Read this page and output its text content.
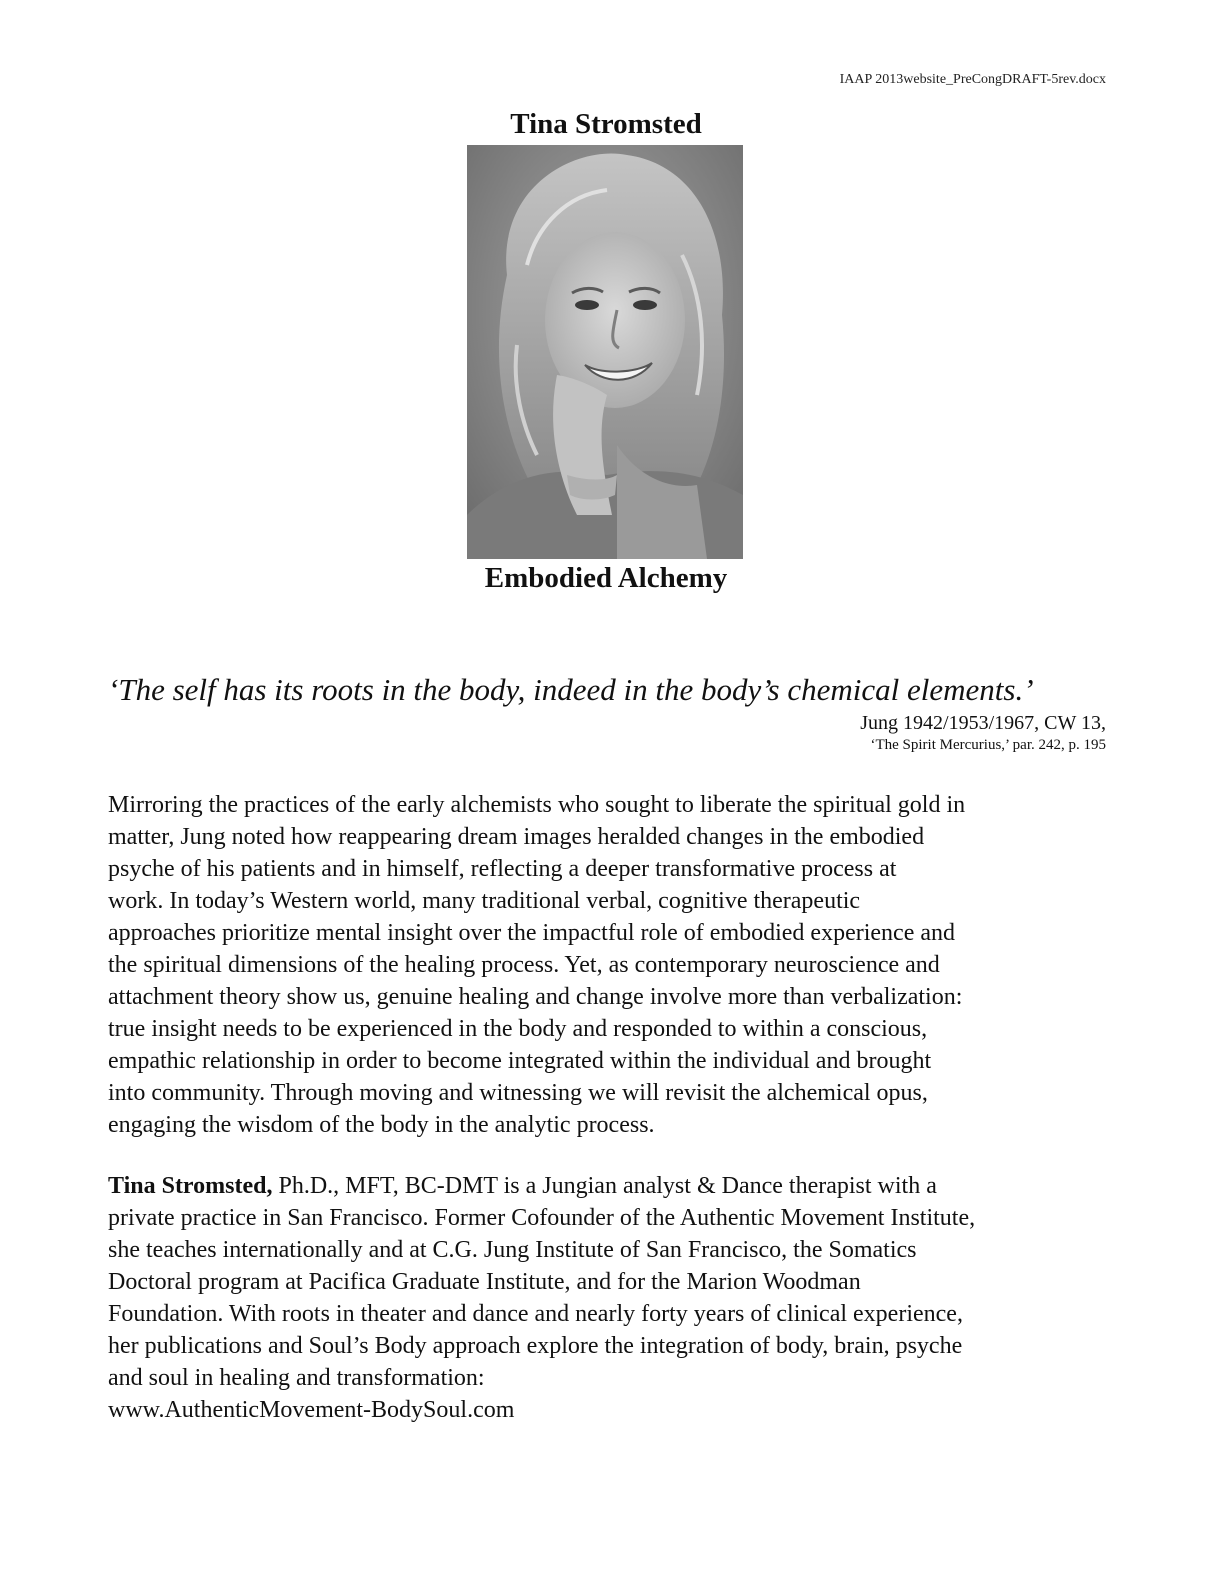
IAAP 2013website_PreCongDRAFT-5rev.docx
Tina Stromsted
Embodied Alchemy

‘The self has its roots in the body, indeed in the body’s chemical elements.’

Jung 1942/1953/1967, CW 13,
‘The Spirit Mercurius,’ par. 242, p. 195

Mirroring the practices of the early alchemists who sought to liberate the spiritual gold in
matter, Jung noted how reappearing dream images heralded changes in the embodied
psyche of his patients and in himself, reflecting a deeper transformative process at
work. In today’s Western world, many traditional verbal, cognitive therapeutic
approaches prioritize mental insight over the impactful role of embodied experience and
the spiritual dimensions of the healing process. Yet, as contemporary neuroscience and
attachment theory show us, genuine healing and change involve more than verbalization:
true insight needs to be experienced in the body and responded to within a conscious,
empathic relationship in order to become integrated within the individual and brought
into community. Through moving and witnessing we will revisit the alchemical opus,
engaging the wisdom of the body in the analytic process.

Tina Stromsted, Ph.D., MFT, BC-DMT is a Jungian analyst & Dance therapist with a
private practice in San Francisco. Former Cofounder of the Authentic Movement Institute,
she teaches internationally and at C.G. Jung Institute of San Francisco, the Somatics
Doctoral program at Pacifica Graduate Institute, and for the Marion Woodman
Foundation. With roots in theater and dance and nearly forty years of clinical experience,
her publications and Soul’s Body approach explore the integration of body, brain, psyche
and soul in healing and transformation:
www.AuthenticMovement-BodySoul.com
